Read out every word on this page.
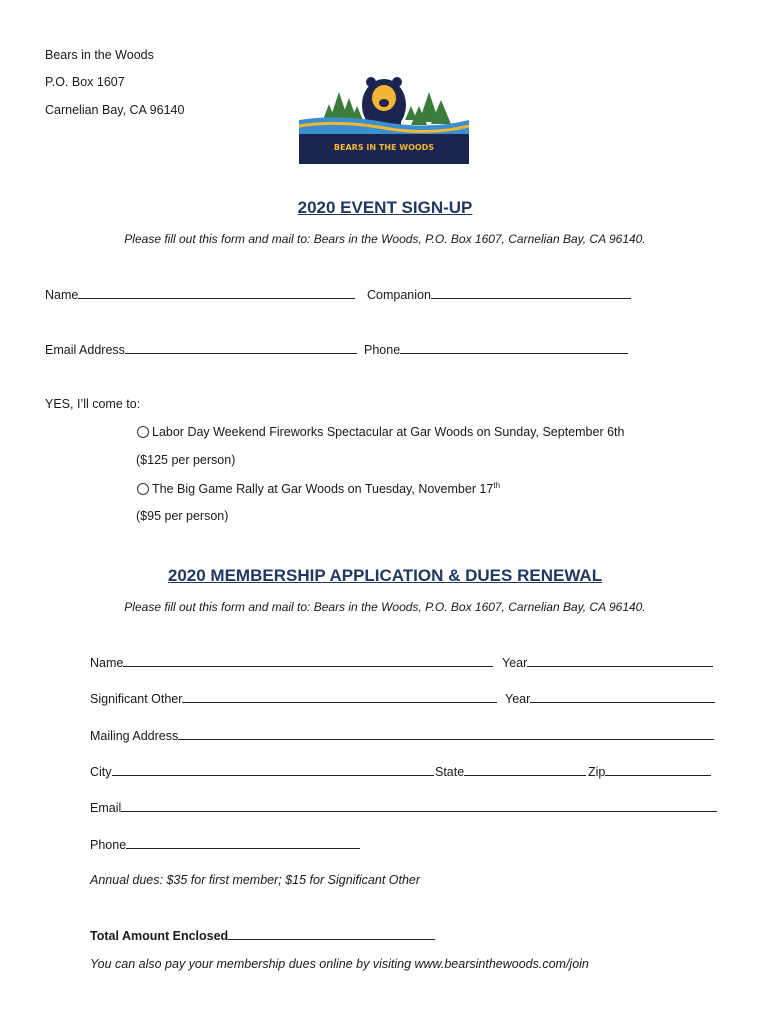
Bears in the Woods
P.O. Box 1607
Carnelian Bay, CA 96140
BEARS IN THE WOODS
2020 EVENT SIGN-UP
Please fill out this form and mail to: Bears in the Woods, P.O. Box 1607, Carnelian Bay, CA 96140.
Name	Companion
Email Address	Phone
YES, I’ll come to:
Labor Day Weekend Fireworks Spectacular at Gar Woods on Sunday, September 6th
($125 per person)
The Big Game Rally at Gar Woods on Tuesday, November 17th
($95 per person)
2020 MEMBERSHIP APPLICATION & DUES RENEWAL
Please fill out this form and mail to: Bears in the Woods, P.O. Box 1607, Carnelian Bay, CA 96140.
Name	Year
Significant Other	Year
Mailing Address
City	State	Zip
Email
Phone
Annual dues: $35 for first member; $15 for Significant Other
Total Amount Enclosed
You can also pay your membership dues online by visiting www.bearsinthewoods.com/join
